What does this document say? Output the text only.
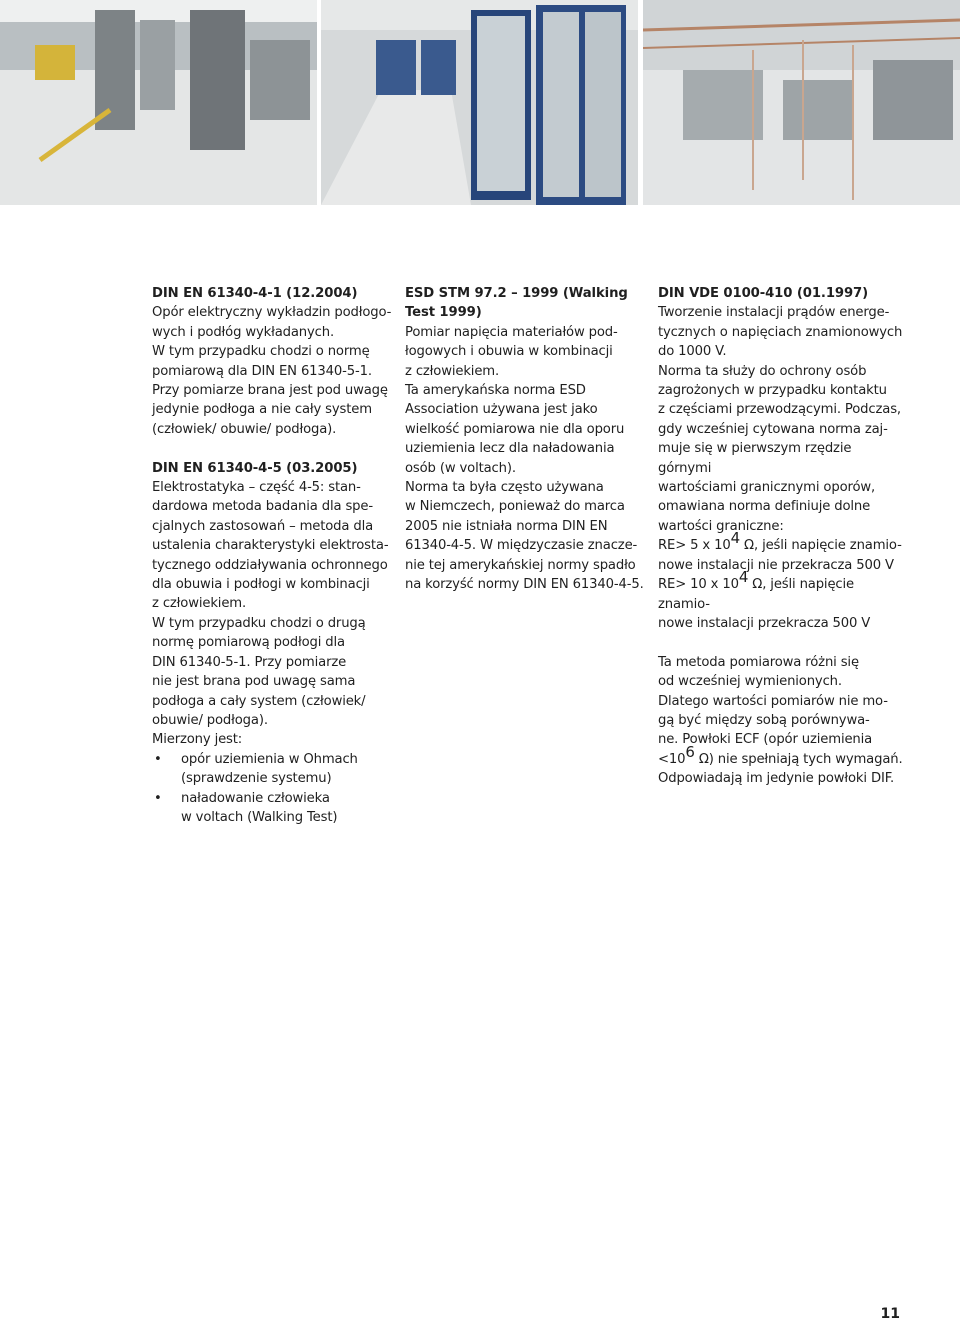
DIN EN 61340-4-1 (12.2004)

Opór elektryczny wykładzin podłogo-

wych i podłóg wykładanych.

W tym przypadku chodzi o normę

pomiarową dla DIN EN 61340-5-1.

Przy pomiarze brana jest pod uwagę

jedynie podłoga a nie cały system

(człowiek/ obuwie/ podłoga).

DIN EN 61340-4-5 (03.2005)

Elektrostatyka – część 4-5: stan-

dardowa metoda badania dla spe-

cjalnych zastosowań – metoda dla

ustalenia charakterystyki elektrosta-

tycznego oddziaływania ochronnego

dla obuwia i podłogi w kombinacji

z człowiekiem.

W tym przypadku chodzi o drugą

normę pomiarową podłogi dla

DIN 61340-5-1. Przy pomiarze

nie jest brana pod uwagę sama

podłoga a cały system (człowiek/

obuwie/ podłoga).

Mierzony jest:

• opór uziemienia w Ohmach
(sprawdzenie systemu)
• naładowanie człowieka
w voltach (Walking Test)

ESD STM 97.2 – 1999 (Walking

Test 1999)

Pomiar napięcia materiałów pod-

łogowych i obuwia w kombinacji

z człowiekiem.

Ta amerykańska norma ESD

Association używana jest jako

wielkość pomiarowa nie dla oporu

uziemienia lecz dla naładowania

osób (w voltach).

Norma ta była często używana

w Niemczech, ponieważ do marca

2005 nie istniała norma DIN EN

61340-4-5. W międzyczasie znacze-

nie tej amerykańskiej normy spadło

na korzyść normy DIN EN 61340-4-5.

DIN VDE 0100-410 (01.1997)

Tworzenie instalacji prądów energe-

tycznych o napięciach znamionowych

do 1000 V.

Norma ta służy do ochrony osób

zagrożonych w przypadku kontaktu

z częściami przewodzącymi. Podczas,

gdy wcześniej cytowana norma zaj-

muje się w pierwszym rzędzie górnymi

wartościami granicznymi oporów,

omawiana norma definiuje dolne

wartości graniczne:

RE> 5 x $10^4$ Ω, jeśli napięcie znamio-

nowe instalacji nie przekracza 500 V

RE> 10 x $10^4$ Ω, jeśli napięcie znamio-

nowe instalacji przekracza 500 V

Ta metoda pomiarowa różni się

od wcześniej wymienionych.

Dlatego wartości pomiarów nie mo-

gą być między sobą porównywa-

ne. Powłoki ECF (opór uziemienia

$<10^6$ Ω) nie spełniają tych wymagań.

Odpowiadają im jedynie powłoki DIF.

11
